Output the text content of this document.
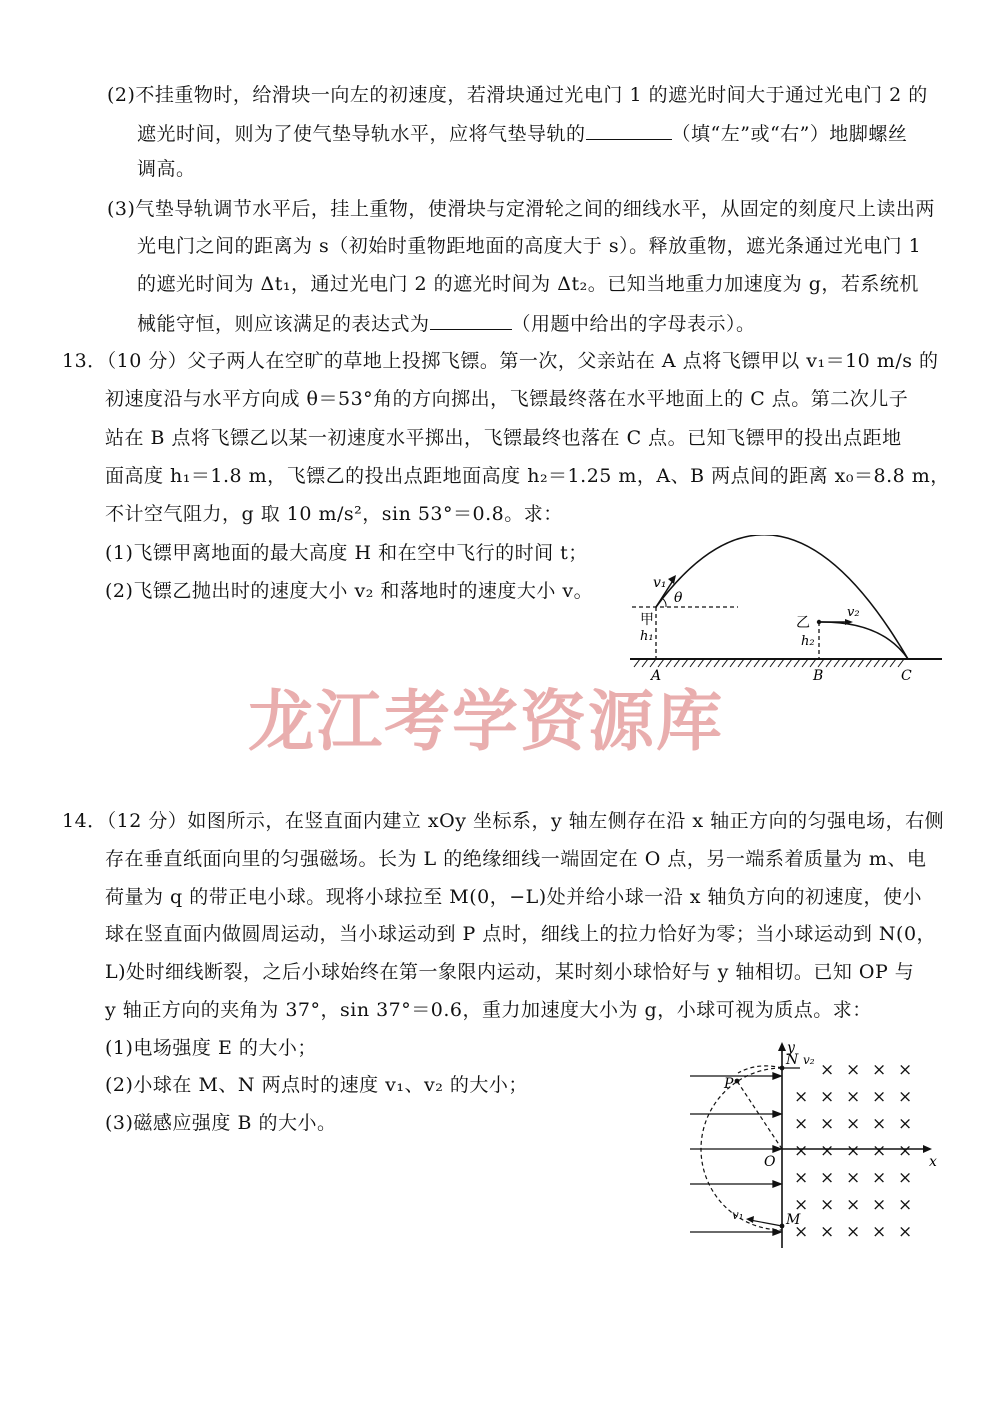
(2)不挂重物时，给滑块一向左的初速度，若滑块通过光电门 1 的遮光时间大于通过光电门 2 的
遮光时间，则为了使气垫导轨水平，应将气垫导轨的	（填“左”或“右”）地脚螺丝
调高。
(3)气垫导轨调节水平后，挂上重物，使滑块与定滑轮之间的细线水平，从固定的刻度尺上读出两
光电门之间的距离为 s（初始时重物距地面的高度大于 s）。释放重物，遮光条通过光电门 1
的遮光时间为 Δt₁，通过光电门 2 的遮光时间为 Δt₂。已知当地重力加速度为 g，若系统机
械能守恒，则应该满足的表达式为	（用题中给出的字母表示）。
13．（10 分）父子两人在空旷的草地上投掷飞镖。第一次，父亲站在 A 点将飞镖甲以 v₁＝10 m/s 的
初速度沿与水平方向成 θ＝53°角的方向掷出，飞镖最终落在水平地面上的 C 点。第二次儿子
站在 B 点将飞镖乙以某一初速度水平掷出，飞镖最终也落在 C 点。已知飞镖甲的投出点距地
面高度 h₁＝1.8 m，飞镖乙的投出点距地面高度 h₂＝1.25 m，A、B 两点间的距离 x₀＝8.8 m，
不计空气阻力，g 取 10 m/s²，sin 53°＝0.8。求：
(1)飞镖甲离地面的最大高度 H 和在空中飞行的时间 t；
(2)飞镖乙抛出时的速度大小 v₂ 和落地时的速度大小 v。	v₁
θ
甲
h₁
乙
v₂
h₂
A	B	C
龙江考学资源库
14．（12 分）如图所示，在竖直面内建立 xOy 坐标系，y 轴左侧存在沿 x 轴正方向的匀强电场，右侧
存在垂直纸面向里的匀强磁场。长为 L 的绝缘细线一端固定在 O 点，另一端系着质量为 m、电
荷量为 q 的带正电小球。现将小球拉至 M(0，−L)处并给小球一沿 x 轴负方向的初速度，使小
球在竖直面内做圆周运动，当小球运动到 P 点时，细线上的拉力恰好为零；当小球运动到 N(0，
L)处时细线断裂，之后小球始终在第一象限内运动，某时刻小球恰好与 y 轴相切。已知 OP 与
y 轴正方向的夹角为 37°，sin 37°＝0.6，重力加速度大小为 g，小球可视为质点。求：
(1)电场强度 E 的大小；
(2)小球在 M、N 两点时的速度 v₁、v₂ 的大小；
(3)磁感应强度 B 的大小。
y
x
O
P
N v₂
M
v₁
× × × ×
× × × × ×
× × × × ×
× × × × ×
× × × × ×
× × × × ×
× × × × ×
